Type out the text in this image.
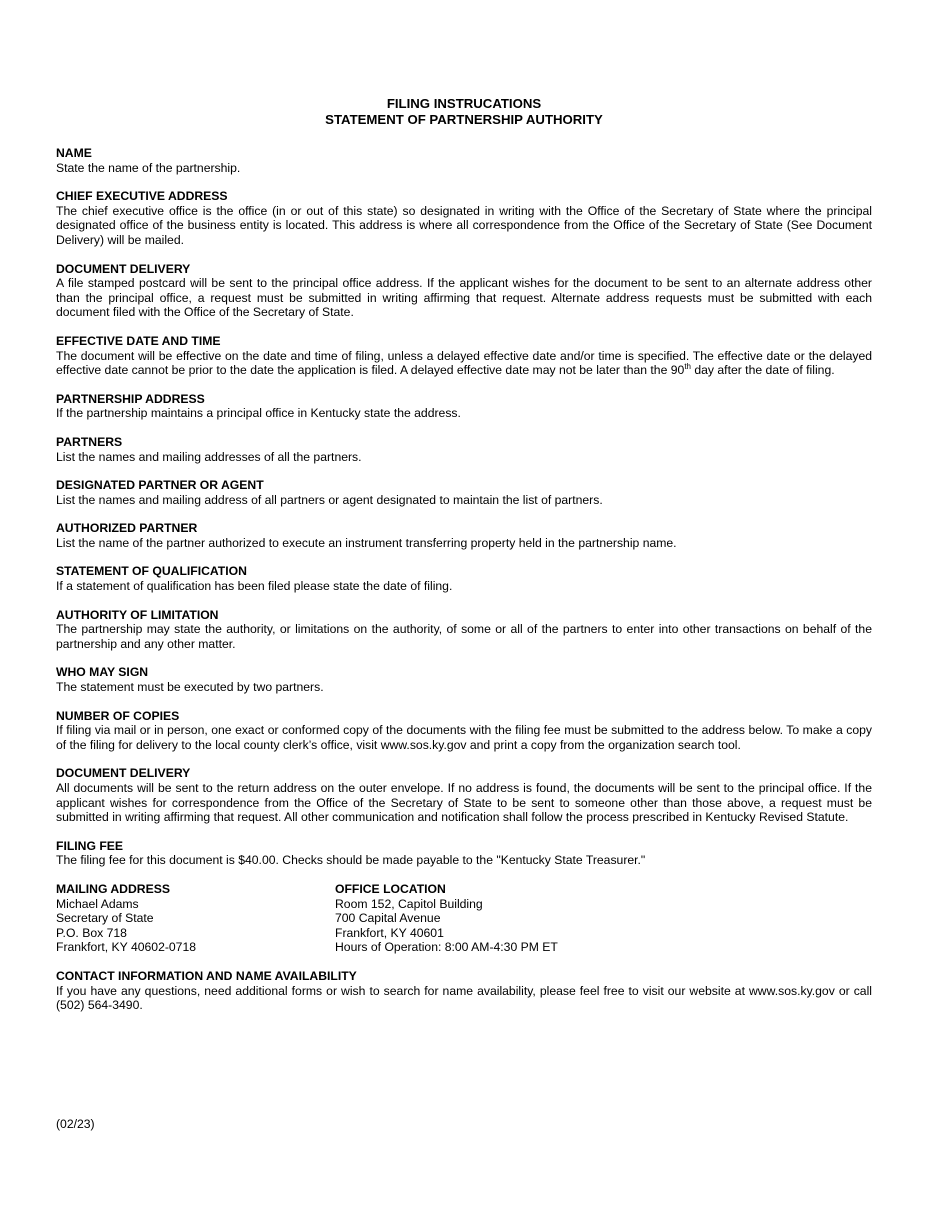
FILING INSTRUCATIONS
STATEMENT OF PARTNERSHIP AUTHORITY
NAME
State the name of the partnership.
CHIEF EXECUTIVE ADDRESS
The chief executive office is the office (in or out of this state) so designated in writing with the Office of the Secretary of State where the principal designated office of the business entity is located. This address is where all correspondence from the Office of the Secretary of State (See Document Delivery) will be mailed.
DOCUMENT DELIVERY
A file stamped postcard will be sent to the principal office address. If the applicant wishes for the document to be sent to an alternate address other than the principal office, a request must be submitted in writing affirming that request. Alternate address requests must be submitted with each document filed with the Office of the Secretary of State.
EFFECTIVE DATE AND TIME
The document will be effective on the date and time of filing, unless a delayed effective date and/or time is specified. The effective date or the delayed effective date cannot be prior to the date the application is filed. A delayed effective date may not be later than the 90th day after the date of filing.
PARTNERSHIP ADDRESS
If the partnership maintains a principal office in Kentucky state the address.
PARTNERS
List the names and mailing addresses of all the partners.
DESIGNATED PARTNER OR AGENT
List the names and mailing address of all partners or agent designated to maintain the list of partners.
AUTHORIZED PARTNER
List the name of the partner authorized to execute an instrument transferring property held in the partnership name.
STATEMENT OF QUALIFICATION
If a statement of qualification has been filed please state the date of filing.
AUTHORITY OF LIMITATION
The partnership may state the authority, or limitations on the authority, of some or all of the partners to enter into other transactions on behalf of the partnership and any other matter.
WHO MAY SIGN
The statement must be executed by two partners.
NUMBER OF COPIES
If filing via mail or in person, one exact or conformed copy of the documents with the filing fee must be submitted to the address below. To make a copy of the filing for delivery to the local county clerk’s office, visit www.sos.ky.gov and print a copy from the organization search tool.
DOCUMENT DELIVERY
All documents will be sent to the return address on the outer envelope. If no address is found, the documents will be sent to the principal office. If the applicant wishes for correspondence from the Office of the Secretary of State to be sent to someone other than those above, a request must be submitted in writing affirming that request. All other communication and notification shall follow the process prescribed in Kentucky Revised Statute.
FILING FEE
The filing fee for this document is $40.00. Checks should be made payable to the "Kentucky State Treasurer."
MAILING ADDRESS
Michael Adams
Secretary of State
P.O. Box 718
Frankfort, KY 40602-0718
OFFICE LOCATION
Room 152, Capitol Building
700 Capital Avenue
Frankfort, KY 40601
Hours of Operation: 8:00 AM-4:30 PM ET
CONTACT INFORMATION AND NAME AVAILABILITY
If you have any questions, need additional forms or wish to search for name availability, please feel free to visit our website at www.sos.ky.gov or call (502) 564-3490.
(02/23)
